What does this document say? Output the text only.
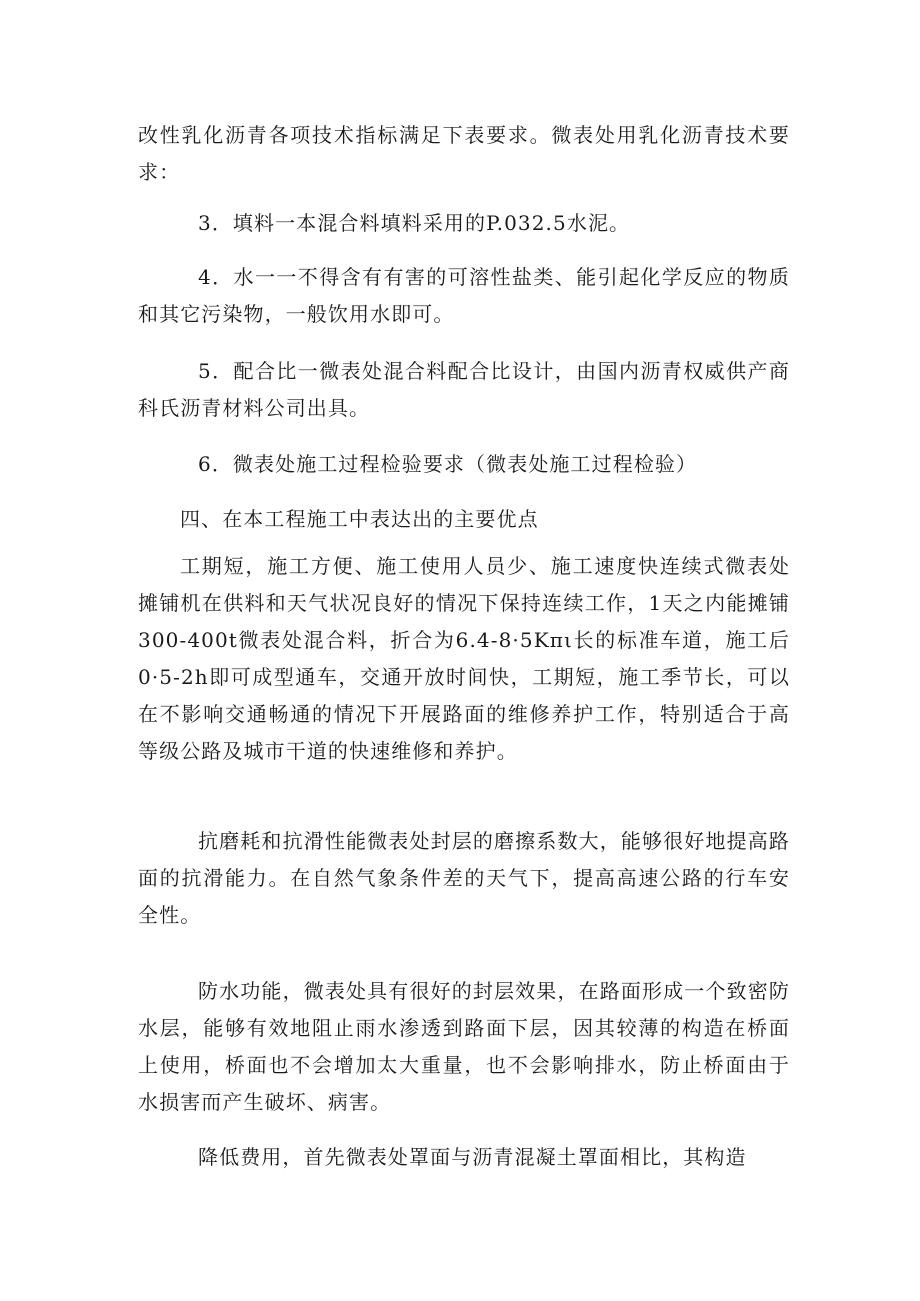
改性乳化沥青各项技术指标满足下表要求。微表处用乳化沥青技术要求：

3．填料一本混合料填料采用的P.032.5水泥。

4．水一一不得含有有害的可溶性盐类、能引起化学反应的物质和其它污染物，一般饮用水即可。

5．配合比一微表处混合料配合比设计，由国内沥青权威供产商科氏沥青材料公司出具。

6．微表处施工过程检验要求（微表处施工过程检验）

四、在本工程施工中表达出的主要优点

工期短，施工方便、施工使用人员少、施工速度快连续式微表处摊铺机在供料和天气状况良好的情况下保持连续工作，1天之内能摊铺300-400t微表处混合料，折合为6.4-8·5Kπι长的标准车道，施工后0·5-2h即可成型通车，交通开放时间快，工期短，施工季节长，可以在不影响交通畅通的情况下开展路面的维修养护工作，特别适合于高等级公路及城市干道的快速维修和养护。

抗磨耗和抗滑性能微表处封层的磨擦系数大，能够很好地提高路面的抗滑能力。在自然气象条件差的天气下，提高高速公路的行车安全性。

防水功能，微表处具有很好的封层效果，在路面形成一个致密防水层，能够有效地阻止雨水渗透到路面下层，因其较薄的构造在桥面上使用，桥面也不会增加太大重量，也不会影响排水，防止桥面由于水损害而产生破坏、病害。

降低费用，首先微表处罩面与沥青混凝土罩面相比，其构造
